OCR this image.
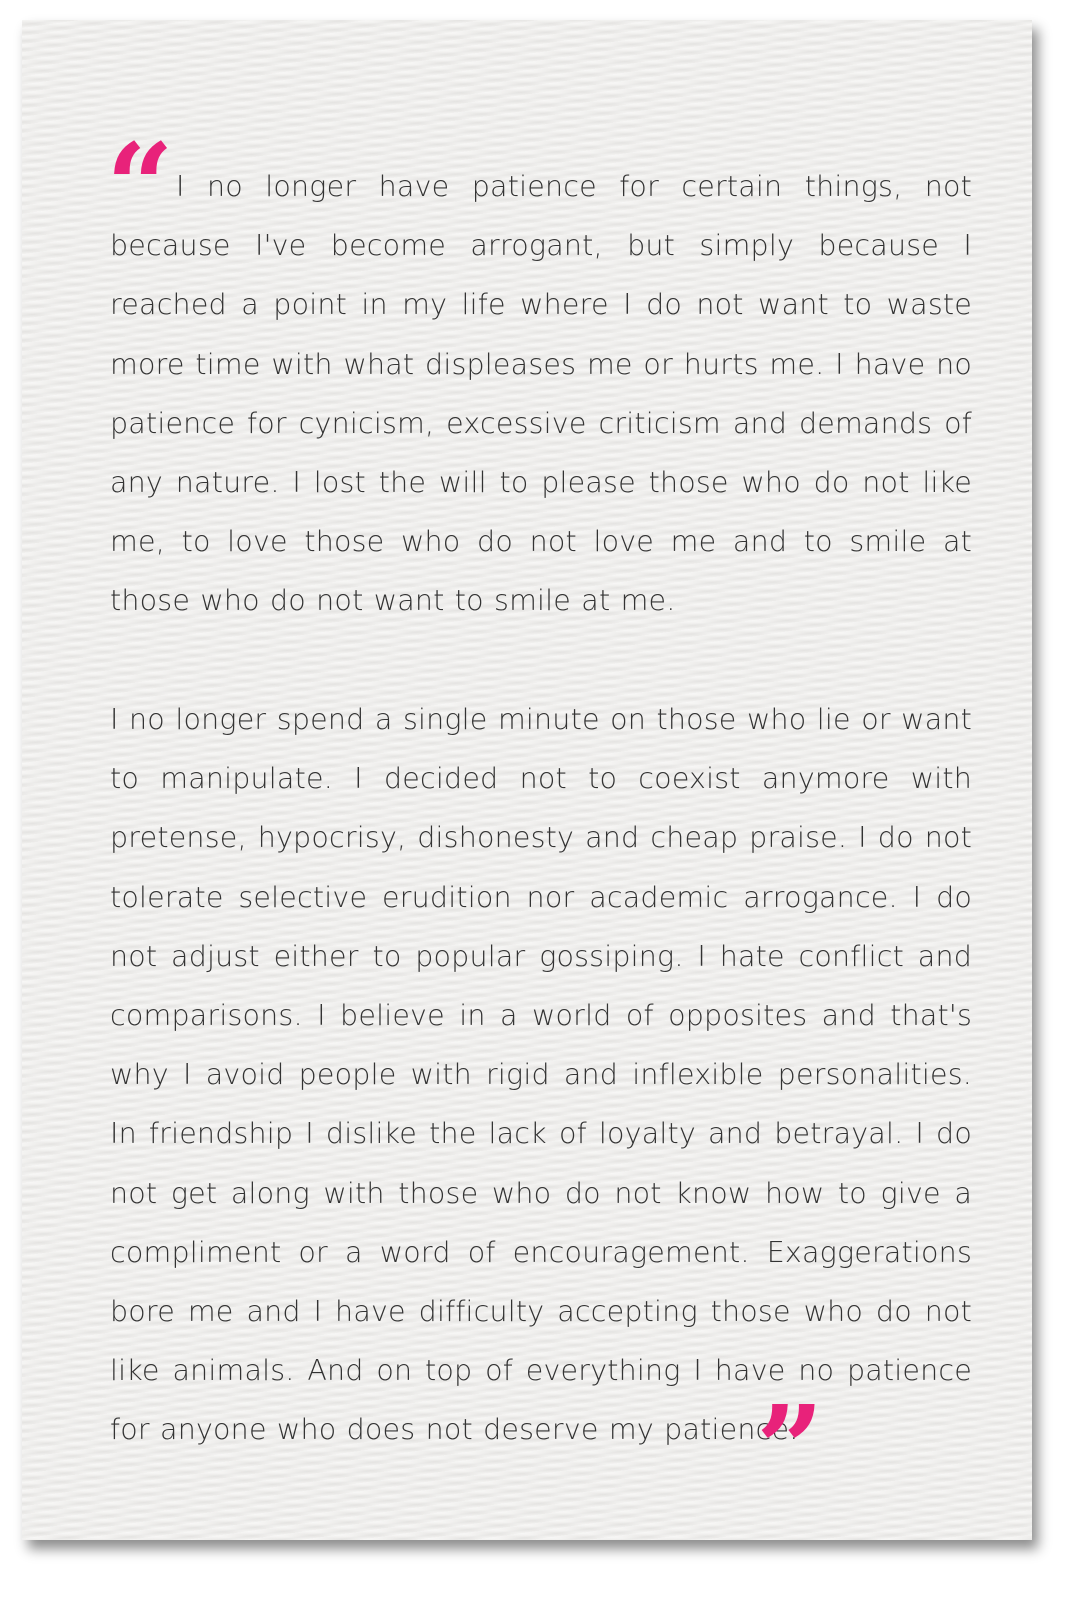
“ I no longer have patience for certain things, not because I've become arrogant, but simply because I reached a point in my life where I do not want to waste more time with what displeases me or hurts me. I have no patience for cynicism, excessive criticism and demands of any nature. I lost the will to please those who do not like me, to love those who do not love me and to smile at those who do not want to smile at me.

I no longer spend a single minute on those who lie or want to manipulate. I decided not to coexist anymore with pretense, hypocrisy, dishonesty and cheap praise. I do not tolerate selective erudition nor academic arrogance. I do not adjust either to popular gossiping. I hate conflict and comparisons. I believe in a world of opposites and that's why I avoid people with rigid and inflexible personalities. In friendship I dislike the lack of loyalty and betrayal. I do not get along with those who do not know how to give a compliment or a word of encouragement. Exaggerations bore me and I have difficulty accepting those who do not like animals. And on top of everything I have no patience for anyone who does not deserve my patience.

”
